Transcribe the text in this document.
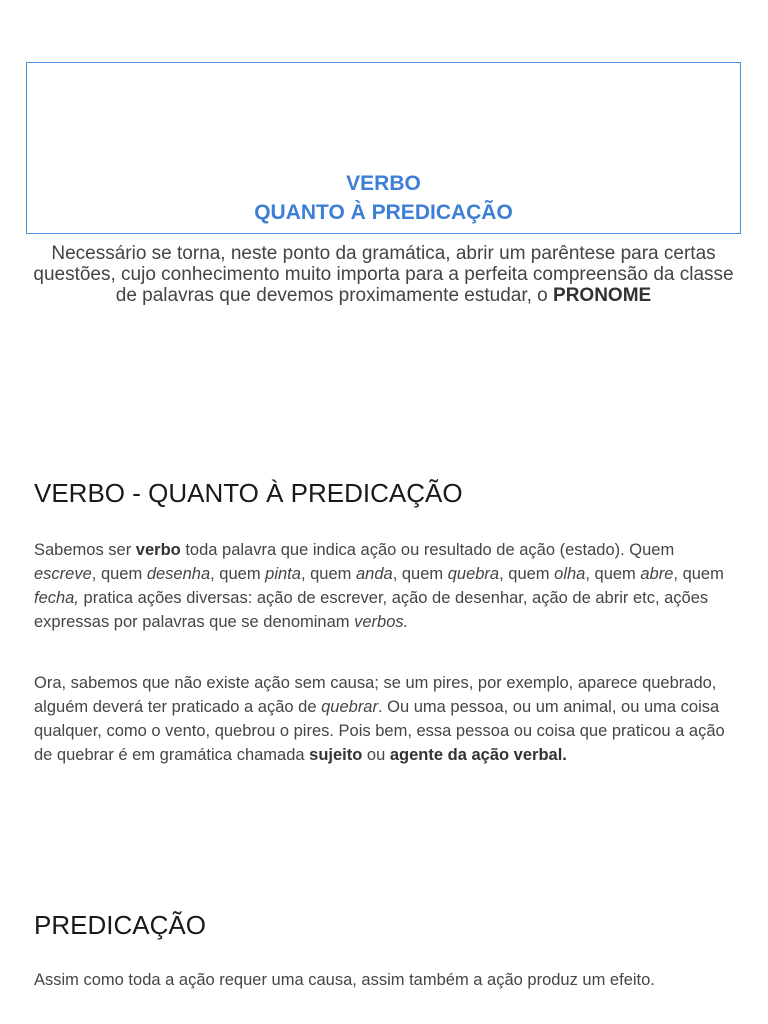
VERBO
QUANTO À PREDICAÇÃO
Necessário se torna, neste ponto da gramática, abrir um parêntese para certas questões, cujo conhecimento muito importa para a perfeita compreensão da classe de palavras que devemos proximamente estudar, o PRONOME
VERBO - QUANTO À PREDICAÇÃO

Sabemos ser verbo toda palavra que indica ação ou resultado de ação (estado). Quem escreve, quem desenha, quem pinta, quem anda, quem quebra, quem olha, quem abre, quem fecha, pratica ações diversas: ação de escrever, ação de desenhar, ação de abrir etc, ações expressas por palavras que se denominam verbos.

Ora, sabemos que não existe ação sem causa; se um pires, por exemplo, aparece quebrado, alguém deverá ter praticado a ação de quebrar. Ou uma pessoa, ou um animal, ou uma coisa qualquer, como o vento, quebrou o pires. Pois bem, essa pessoa ou coisa que praticou a ação de quebrar é em gramática chamada sujeito ou agente da ação verbal.

PREDICAÇÃO

Assim como toda a ação requer uma causa, assim também a ação produz um efeito.
